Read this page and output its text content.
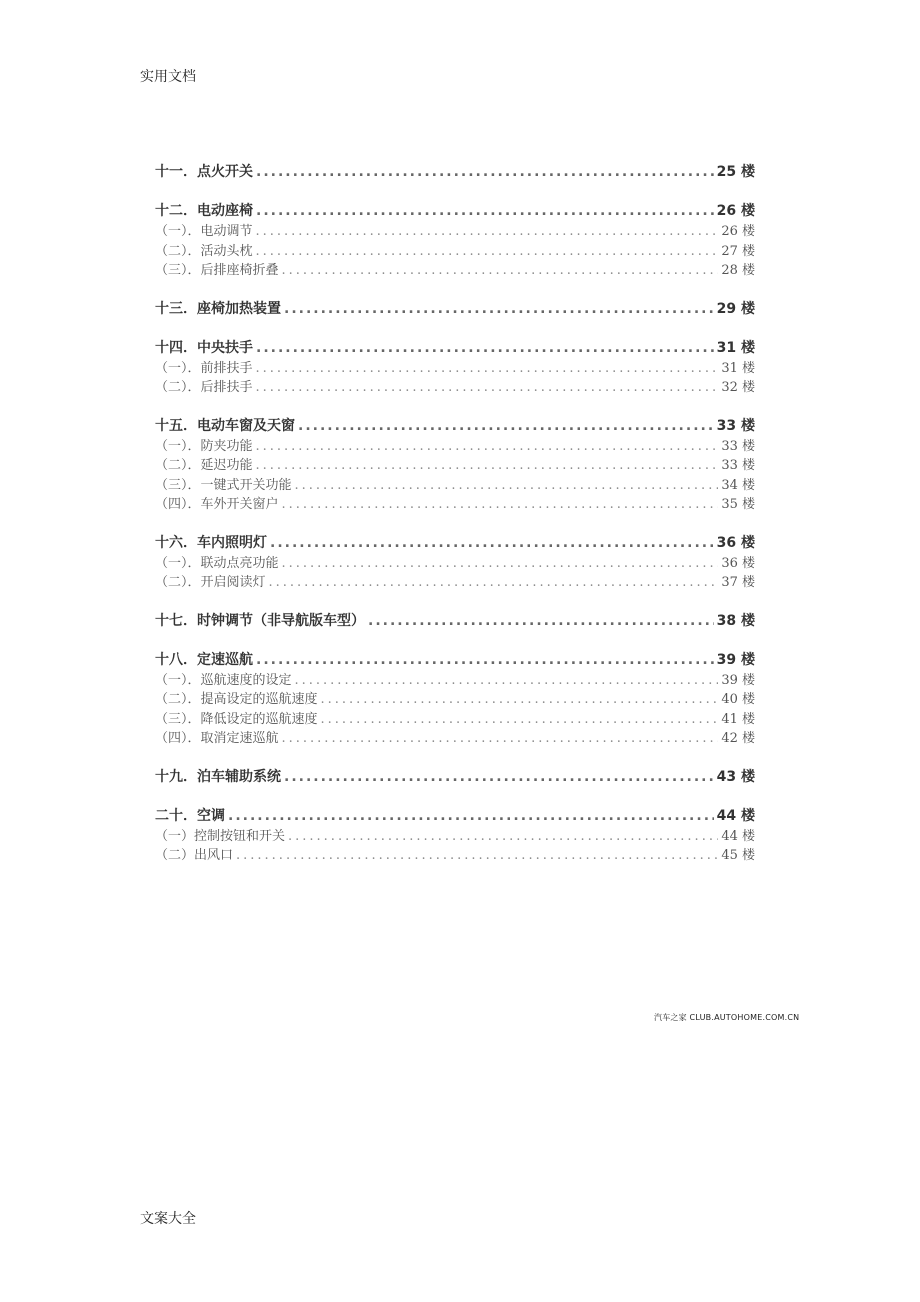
实用文档
十一．点火开关 .....	25 楼
十二．电动座椅 .....	26 楼
（一）．电动调节 .....	26 楼
（二）．活动头枕 .....	27 楼
（三）．后排座椅折叠 .....	28 楼
十三．座椅加热装置 .....	29 楼
十四．中央扶手 .....	31 楼
（一）．前排扶手 .....	31 楼
（二）．后排扶手 .....	32 楼
十五．电动车窗及天窗 .....	33 楼
（一）．防夹功能 .....	33 楼
（二）．延迟功能 .....	33 楼
（三）．一键式开关功能 .....	34 楼
（四）．车外开关窗户 .....	35 楼
十六．车内照明灯 .....	36 楼
（一）．联动点亮功能 .....	36 楼
（二）．开启阅读灯 .....	37 楼
十七．时钟调节（非导航版车型） .....	38 楼
十八．定速巡航 .....	39 楼
（一）．巡航速度的设定 .....	39 楼
（二）．提高设定的巡航速度 .....	40 楼
（三）．降低设定的巡航速度 .....	41 楼
（四）．取消定速巡航 .....	42 楼
十九．泊车辅助系统 .....	43 楼
二十．空调 .....	44 楼
（一）控制按钮和开关 .....	44 楼
（二）出风口 .....	45 楼
汽车之家 CLUB.AUTOHOME.COM.CN
文案大全
